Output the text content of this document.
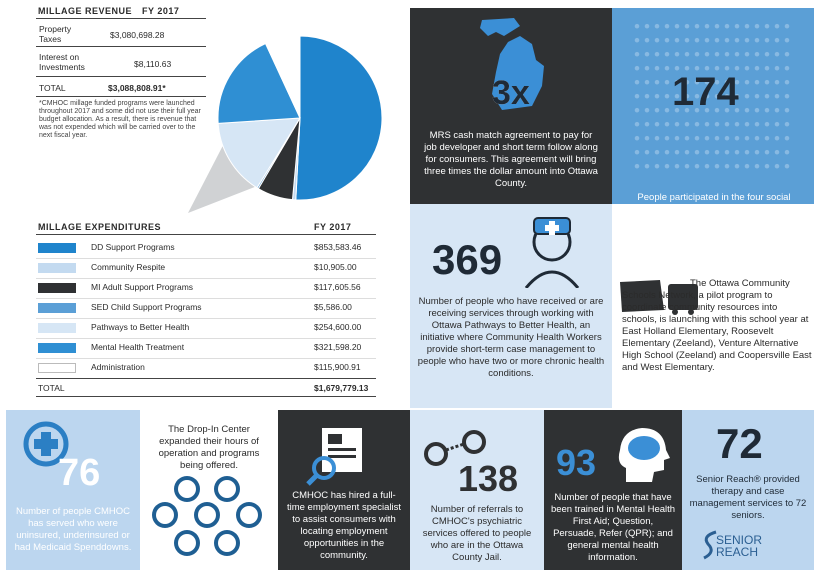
MILLAGE REVENUE FY 2017
Property Taxes	$3,080,698.28
Interest on Investments	$8,110.63
TOTAL	$3,088,808.91*
*CMHOC millage funded programs were launched throughout 2017 and some did not use their full year budget allocation. As a result, there is revenue that was not expended which will be carried over to the next fiscal year.
MILLAGE EXPENDITURES	FY 2017
DD Support Programs	$853,583.46
Community Respite	$10,905.00
MI Adult Support Programs	$117,605.56
SED Child Support Programs	$5,586.00
Pathways to Better Health	$254,600.00
Mental Health Treatment	$321,598.20
Administration	$115,900.91
TOTAL	$1,679,779.13
3x
MRS cash match agreement to pay for job developer and short term follow along for consumers. This agreement will bring three times the dollar amount into Ottawa County.
174
People participated in the four social
369
Number of people who have received or are receiving services through working with Ottawa Pathways to Better Health, an initiative where Community Health Workers provide short-term case management to people who have two or more chronic health conditions.
The Ottawa Community Schools Network, a pilot program to coordinate community resources into schools, is launching with this school year at East Holland Elementary, Roosevelt Elementary (Zeeland), Venture Alternative High School (Zeeland) and Coopersville East and West Elementary.
76
Number of people CMHOC has served who were uninsured, underinsured or had Medicaid Spenddowns.
The Drop-In Center expanded their hours of operation and programs being offered.
CMHOC has hired a full-time employment specialist to assist consumers with locating employment opportunities in the community.
138
Number of referrals to CMHOC's psychiatric services offered to people who are in the Ottawa County Jail.
93
Number of people that have been trained in Mental Health First Aid; Question, Persuade, Refer (QPR); and general mental health information.
72
Senior Reach® provided therapy and case management services to 72 seniors.
SENIOR REACH
